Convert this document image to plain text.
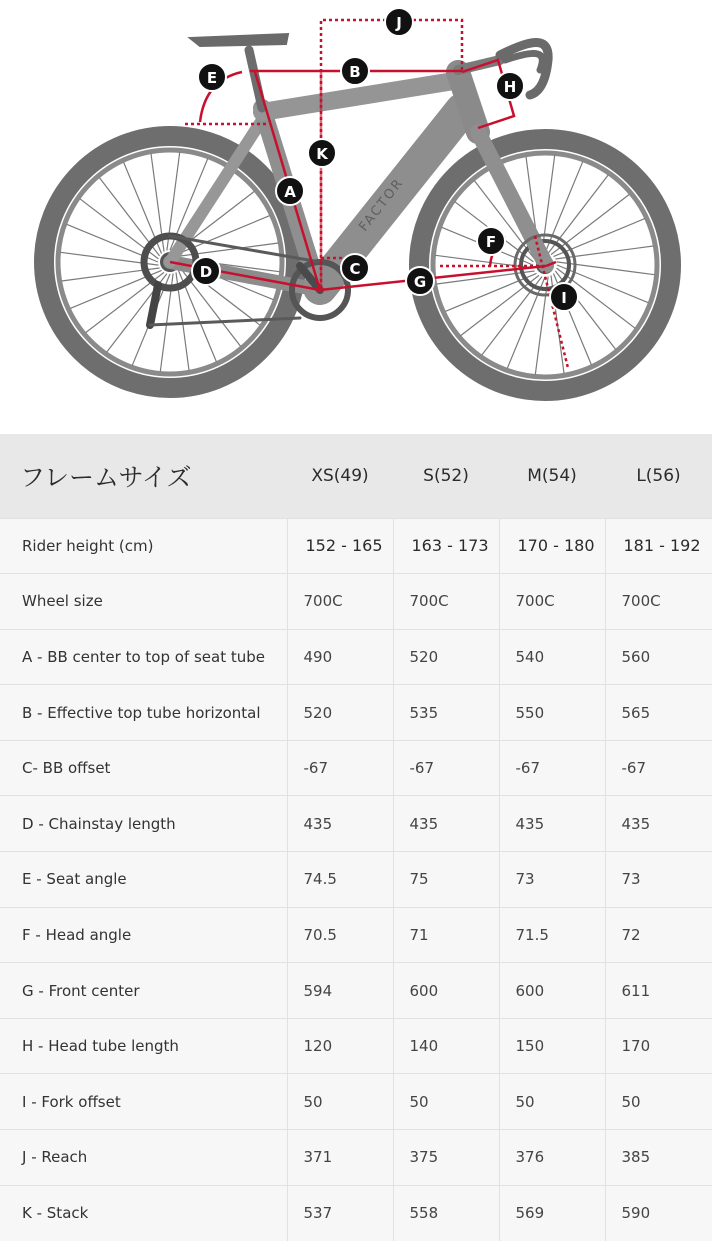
FACTOR
A
B
C
D
E
F
G
H
I
J
K
フレームサイズ	XS(49)	S(52)	M(54)	L(56)
Rider height (cm)	152 - 165	163 - 173	170 - 180	181 - 192
Wheel size	700C	700C	700C	700C
A - BB center to top of seat tube	490	520	540	560
B - Effective top tube horizontal	520	535	550	565
C- BB offset	-67	-67	-67	-67
D - Chainstay length	435	435	435	435
E - Seat angle	74.5	75	73	73
F - Head angle	70.5	71	71.5	72
G - Front center	594	600	600	611
H - Head tube length	120	140	150	170
I - Fork offset	50	50	50	50
J - Reach	371	375	376	385
K - Stack	537	558	569	590
